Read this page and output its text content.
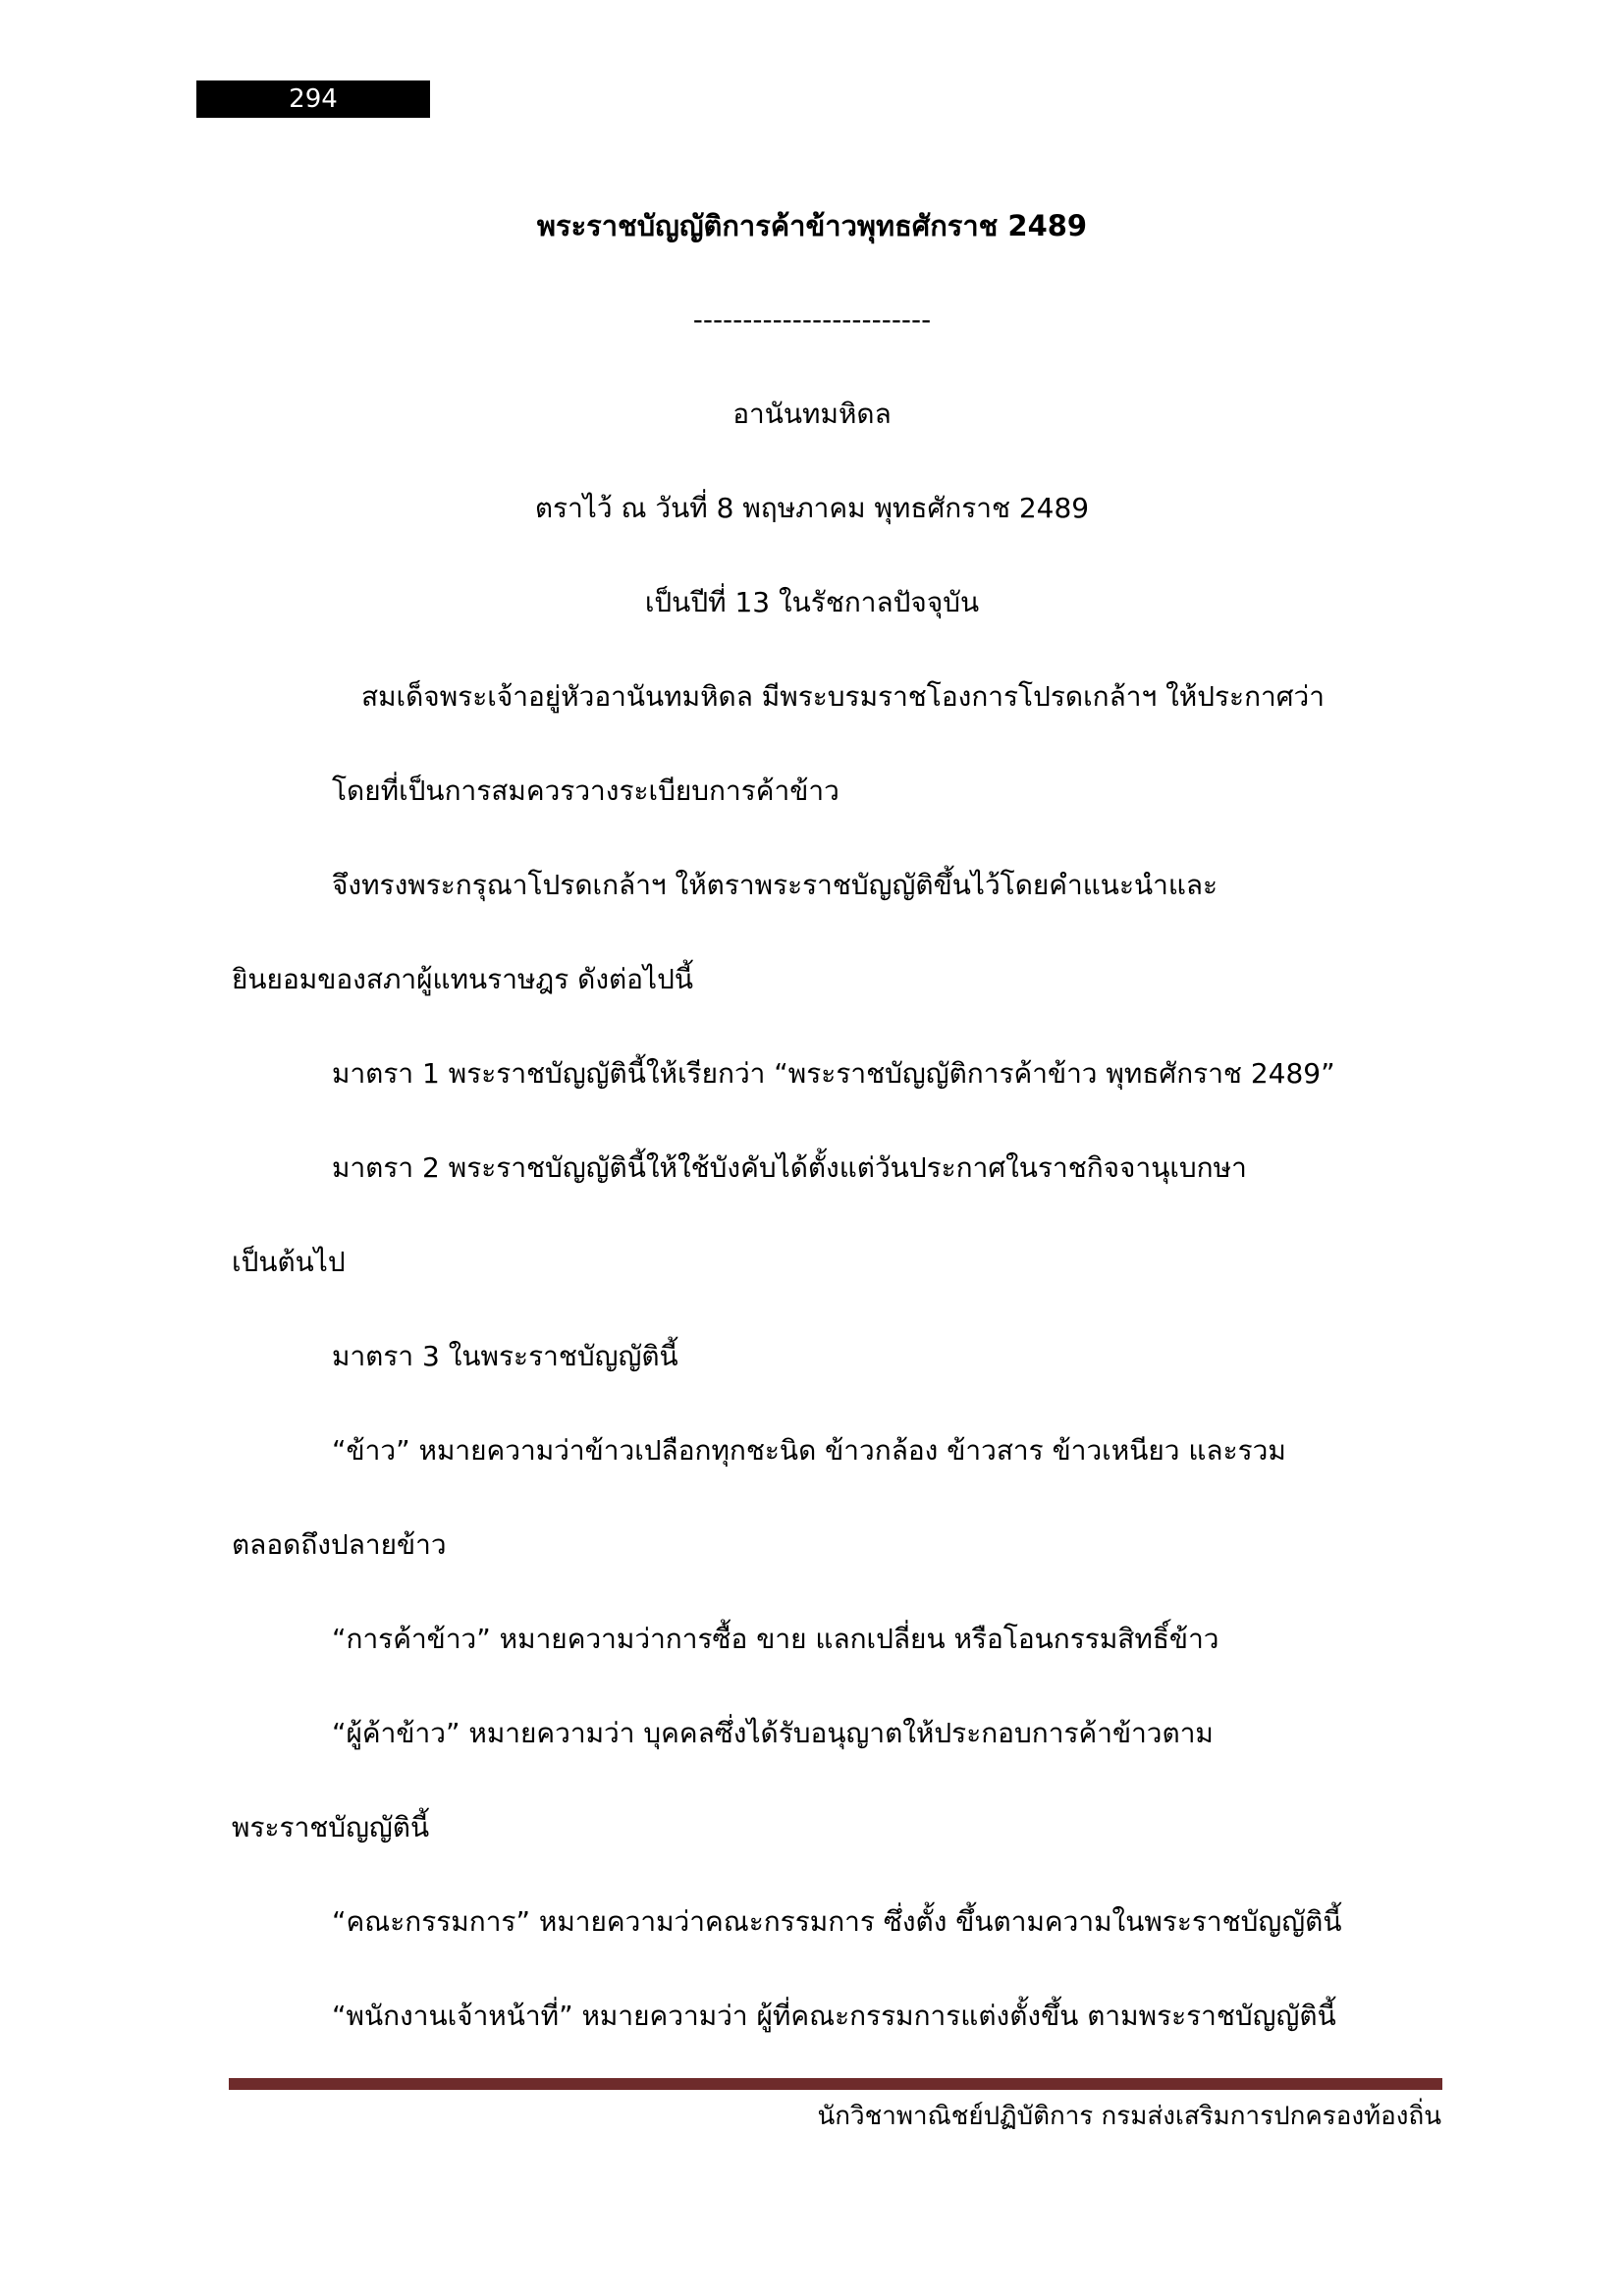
294
พระราชบัญญัติการค้าข้าวพุทธศักราช 2489
------------------------
อานันทมหิดล
ตราไว้ ณ วันที่ 8 พฤษภาคม พุทธศักราช 2489
เป็นปีที่ 13 ในรัชกาลปัจจุบัน
สมเด็จพระเจ้าอยู่หัวอานันทมหิดล มีพระบรมราชโองการโปรดเกล้าฯ ให้ประกาศว่า
โดยที่เป็นการสมควรวางระเบียบการค้าข้าว
จึงทรงพระกรุณาโปรดเกล้าฯ ให้ตราพระราชบัญญัติขึ้นไว้โดยคำแนะนำและ
ยินยอมของสภาผู้แทนราษฎร ดังต่อไปนี้
มาตรา 1 พระราชบัญญัตินี้ให้เรียกว่า “พระราชบัญญัติการค้าข้าว พุทธศักราช 2489”
มาตรา 2 พระราชบัญญัตินี้ให้ใช้บังคับได้ตั้งแต่วันประกาศในราชกิจจานุเบกษา
เป็นต้นไป
มาตรา 3 ในพระราชบัญญัตินี้
“ข้าว” หมายความว่าข้าวเปลือกทุกชะนิด ข้าวกล้อง ข้าวสาร ข้าวเหนียว และรวม
ตลอดถึงปลายข้าว
“การค้าข้าว” หมายความว่าการซื้อ ขาย แลกเปลี่ยน หรือโอนกรรมสิทธิ์ข้าว
“ผู้ค้าข้าว” หมายความว่า บุคคลซึ่งได้รับอนุญาตให้ประกอบการค้าข้าวตาม
พระราชบัญญัตินี้
“คณะกรรมการ” หมายความว่าคณะกรรมการ ซึ่งตั้ง ขึ้นตามความในพระราชบัญญัตินี้
“พนักงานเจ้าหน้าที่” หมายความว่า ผู้ที่คณะกรรมการแต่งตั้งขึ้น ตามพระราชบัญญัตินี้
นักวิชาพาณิชย์ปฏิบัติการ กรมส่งเสริมการปกครองท้องถิ่น
